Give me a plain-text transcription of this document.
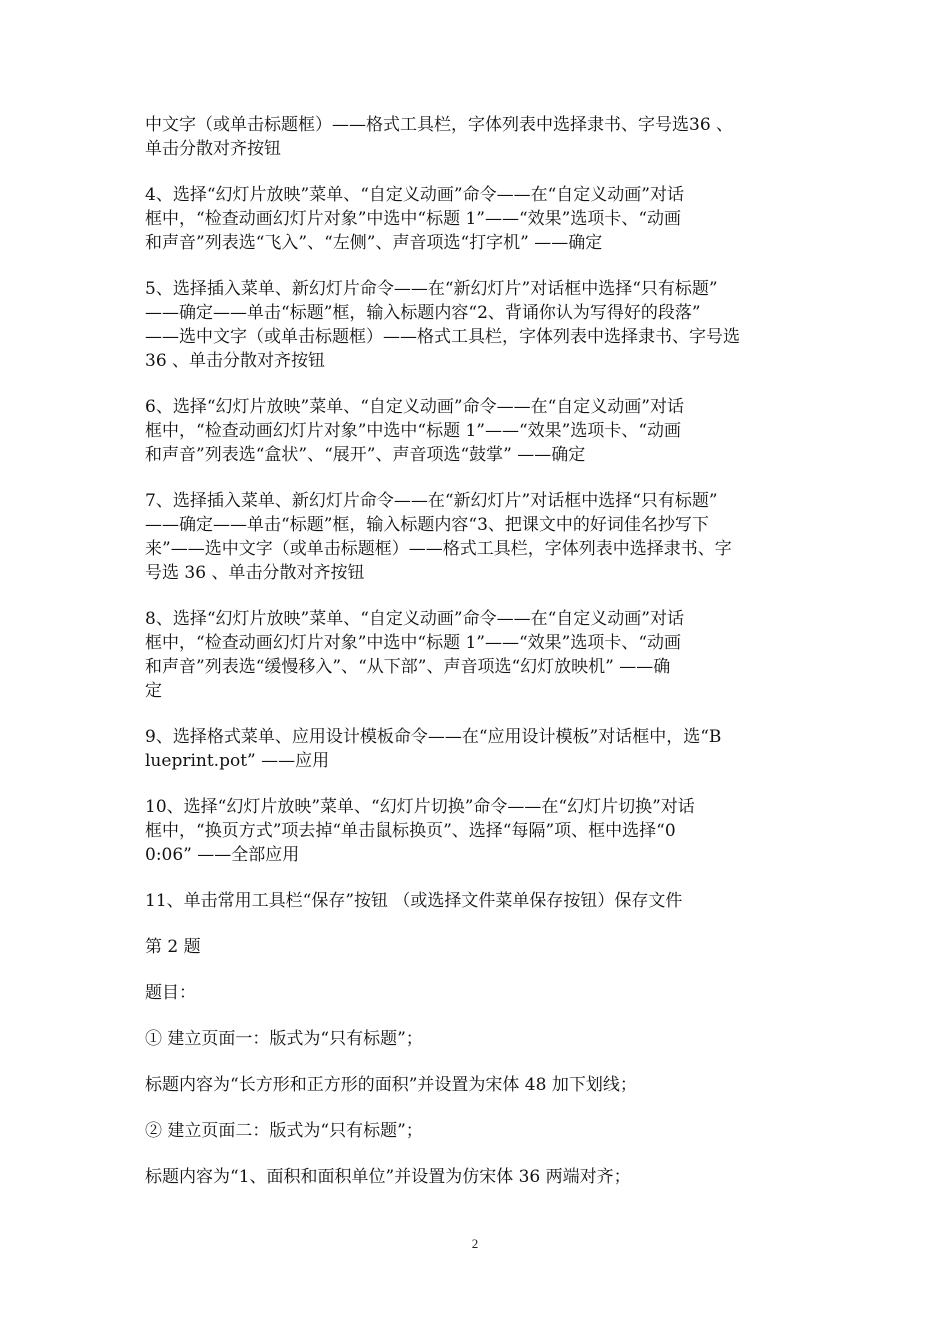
中文字（或单击标题框）——格式工具栏，字体列表中选择隶书、字号选36 、
单击分散对齐按钮

4、选择“幻灯片放映”菜单、“自定义动画”命令——在“自定义动画”对话
框中，“检查动画幻灯片对象”中选中“标题 1”——“效果”选项卡、“动画
和声音”列表选“飞入”、“左侧”、声音项选“打字机” ——确定

5、选择插入菜单、新幻灯片命令——在“新幻灯片”对话框中选择“只有标题”
——确定——单击“标题”框，输入标题内容“2、背诵你认为写得好的段落”
——选中文字（或单击标题框）——格式工具栏，字体列表中选择隶书、字号选
36 、单击分散对齐按钮

6、选择“幻灯片放映”菜单、“自定义动画”命令——在“自定义动画”对话
框中，“检查动画幻灯片对象”中选中“标题 1”——“效果”选项卡、“动画
和声音”列表选“盒状”、“展开”、声音项选“鼓掌” ——确定

7、选择插入菜单、新幻灯片命令——在“新幻灯片”对话框中选择“只有标题”
——确定——单击“标题”框，输入标题内容“3、把课文中的好词佳名抄写下
来”——选中文字（或单击标题框）——格式工具栏，字体列表中选择隶书、字
号选 36 、单击分散对齐按钮

8、选择“幻灯片放映”菜单、“自定义动画”命令——在“自定义动画”对话
框中，“检查动画幻灯片对象”中选中“标题 1”——“效果”选项卡、“动画
和声音”列表选“缓慢移入”、“从下部”、声音项选“幻灯放映机” ——确
定

9、选择格式菜单、应用设计模板命令——在“应用设计模板”对话框中，选“B
lueprint.pot” ——应用

10、选择“幻灯片放映”菜单、“幻灯片切换”命令——在“幻灯片切换”对话
框中，“换页方式”项去掉“单击鼠标换页”、选择“每隔”项、框中选择“0
0:06” ——全部应用

11、单击常用工具栏“保存”按钮 （或选择文件菜单保存按钮）保存文件

第 2 题

题目：

① 建立页面一：版式为“只有标题”；

标题内容为“长方形和正方形的面积”并设置为宋体 48 加下划线；

② 建立页面二：版式为“只有标题”；

标题内容为“1、面积和面积单位”并设置为仿宋体 36 两端对齐；

2
